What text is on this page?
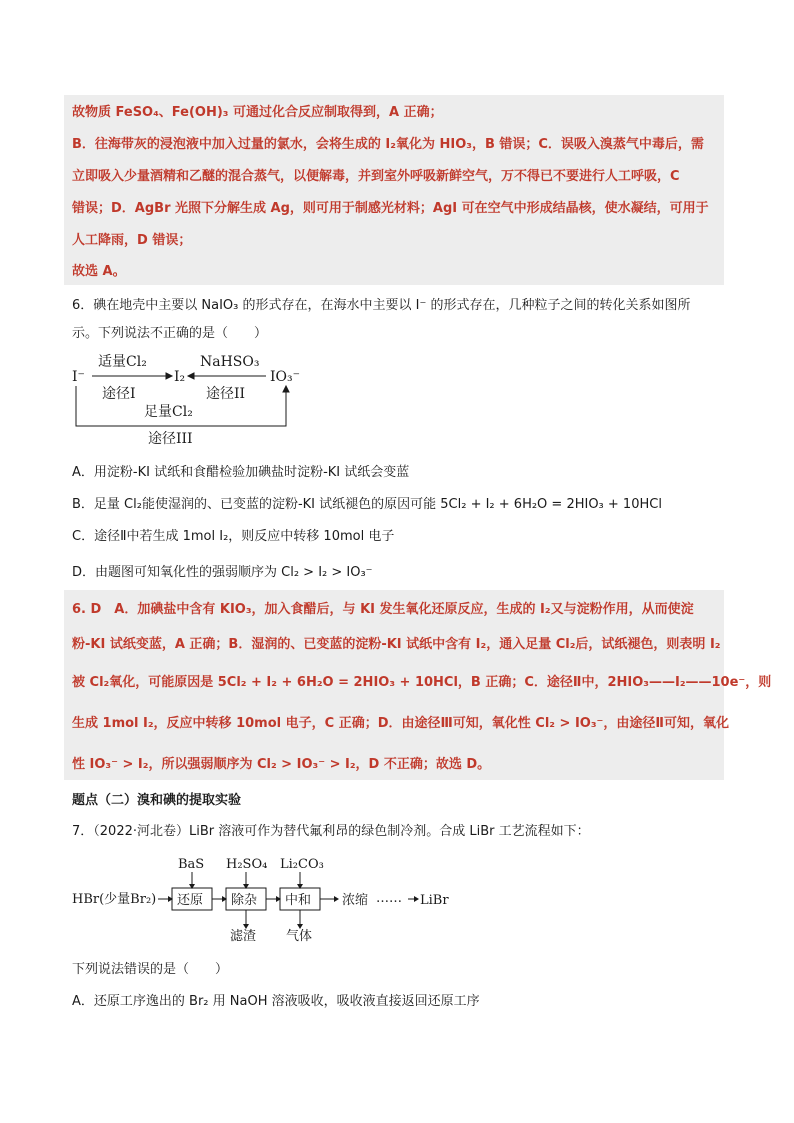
故物质 FeSO₄、Fe(OH)₃ 可通过化合反应制取得到，A 正确；
B．往海带灰的浸泡液中加入过量的氯水，会将生成的 I₂氧化为 HIO₃，B 错误；C．误吸入溴蒸气中毒后，需
立即吸入少量酒精和乙醚的混合蒸气，以便解毒，并到室外呼吸新鲜空气，万不得已不要进行人工呼吸，C
错误；D．AgBr 光照下分解生成 Ag，则可用于制感光材料；AgI 可在空气中形成结晶核，使水凝结，可用于
人工降雨，D 错误；
故选 A。
6．碘在地壳中主要以 NaIO₃ 的形式存在，在海水中主要以 I⁻ 的形式存在，几种粒子之间的转化关系如图所
示。下列说法不正确的是（　　）
I⁻	I₂	IO₃⁻
适量Cl₂
途径I
NaHSO₃
途径II
足量Cl₂
途径III
A．用淀粉-KI 试纸和食醋检验加碘盐时淀粉-KI 试纸会变蓝
B．足量 Cl₂能使湿润的、已变蓝的淀粉-KI 试纸褪色的原因可能 5Cl₂ + I₂ + 6H₂O = 2HIO₃ + 10HCl
C．途径Ⅱ中若生成 1mol I₂，则反应中转移 10mol 电子
D．由题图可知氧化性的强弱顺序为 Cl₂ > I₂ > IO₃⁻
6. D　A．加碘盐中含有 KIO₃，加入食醋后，与 KI 发生氧化还原反应，生成的 I₂又与淀粉作用，从而使淀
粉-KI 试纸变蓝，A 正确；B．湿润的、已变蓝的淀粉-KI 试纸中含有 I₂，通入足量 Cl₂后，试纸褪色，则表明 I₂
被 Cl₂氧化，可能原因是 5Cl₂ + I₂ + 6H₂O = 2HIO₃ + 10HCl，B 正确；C．途径Ⅱ中，2HIO₃——I₂——10e⁻，则
生成 1mol I₂，反应中转移 10mol 电子，C 正确；D．由途径Ⅲ可知，氧化性 Cl₂ > IO₃⁻，由途径Ⅱ可知，氧化
性 IO₃⁻ > I₂，所以强弱顺序为 Cl₂ > IO₃⁻ > I₂，D 不正确；故选 D。
题点（二）溴和碘的提取实验
7．（2022·河北卷）LiBr 溶液可作为替代氟利昂的绿色制冷剂。合成 LiBr 工艺流程如下：
HBr(少量Br₂)
BaS H₂SO₄ Li₂CO₃
还原 除杂 中和
滤渣 气体
浓缩 …… LiBr
下列说法错误的是（　　）
A．还原工序逸出的 Br₂ 用 NaOH 溶液吸收，吸收液直接返回还原工序
